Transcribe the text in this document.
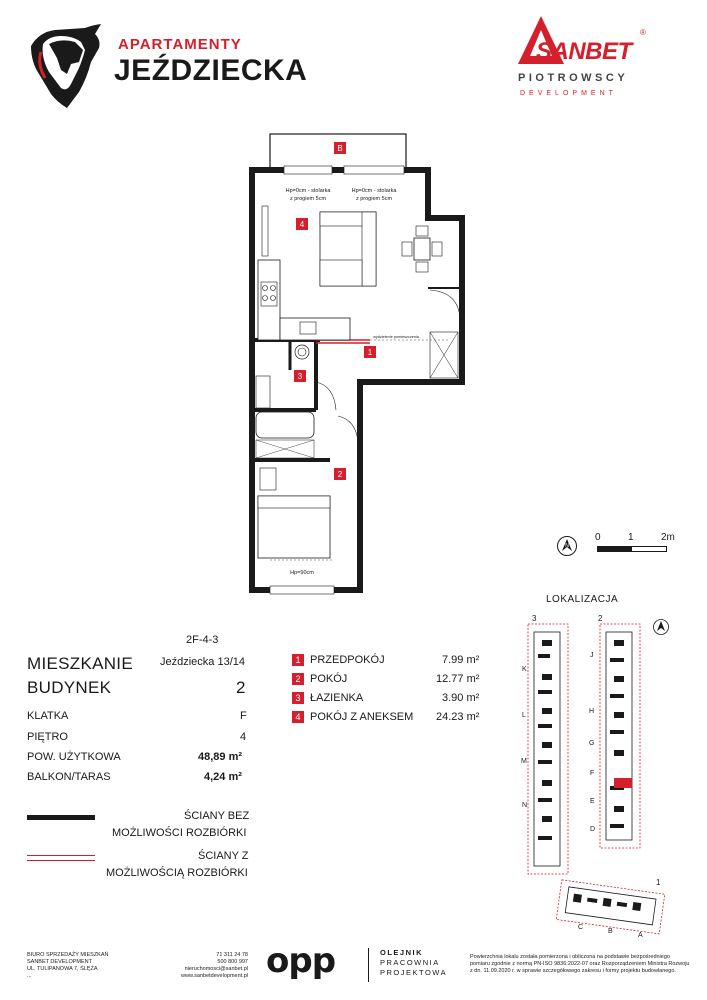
APARTAMENTY
JEŹDZIECKA
SANBET
®
PIOTROWSCY
DEVELOPMENT
B
4
1
3
2
Hp=0cm - stolarka
z progiem 5cm
Hp=0cm - stolarka
z progiem 5cm
Hp=90cm
wydzielenie pomieszczenia
N
0	1	2m
LOKALIZACJA
3	2
1
K
L
M
N
J
H
G
F
E
D
C
B
A
2F-4-3
MIESZKANIE Jeździecka 13/14
BUDYNEK	2
KLATKA	F
PIĘTRO	4
POW. UŻYTKOWA	48,89 m²
BALKON/TARAS	4,24 m²
1 PRZEDPOKÓJ	7.99 m²
2 POKÓJ	12.77 m²
3 ŁAZIENKA	3.90 m²
4 POKÓJ Z ANEKSEM 24.23 m²
ŚCIANY BEZ
MOŻLIWOŚCI ROZBIÓRKI
ŚCIANY Z
MOŻLIWOŚCIĄ ROZBIÓRKI
BIURO SPRZEDAŻY MIESZKAŃ
SANBET DEVELOPMENT
UL. TULIPANOWA 7, ŚLĘŻA
...
71 311 24 78
500 800 997
nieruchomosci@sanbet.pl
www.sanbetdevelopment.pl opp	OLEJNIK
PRACOWNIA
PROJEKTOWA
Powierzchnia lokalu została pomierzona i obliczona na podstawie bezpośredniego
pomiaru zgodnie z normą PN-ISO 9836:2022-07 oraz Rozporządzeniem Ministra Rozwoju
z dn. 11.09.2020 r. w sprawie szczegółowego zakresu i formy projektu budowlanego.
